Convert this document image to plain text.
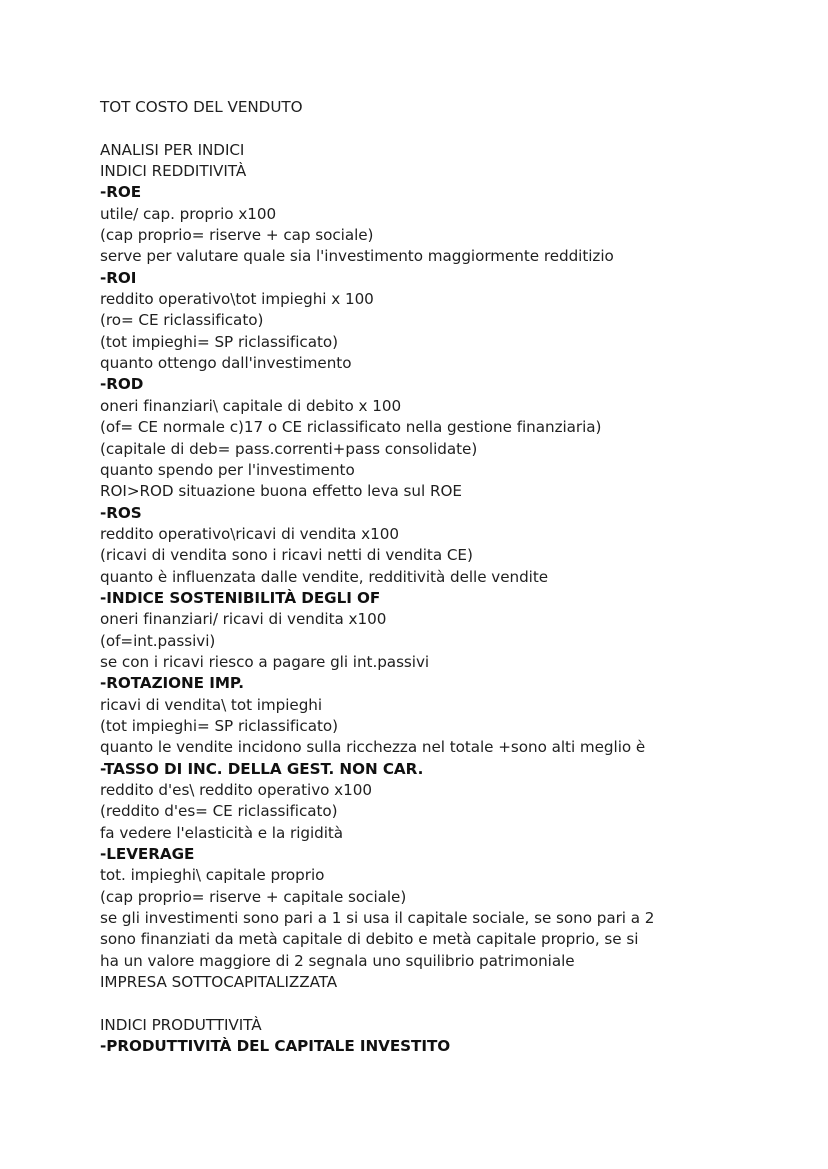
TOT COSTO DEL VENDUTO
ANALISI PER INDICI
INDICI REDDITIVITÀ
-ROE
utile/ cap. proprio x100
(cap proprio= riserve + cap sociale)
serve per valutare quale sia l'investimento maggiormente redditizio
-ROI
reddito operativo\tot impieghi x 100
(ro= CE riclassificato)
(tot impieghi= SP riclassificato)
quanto ottengo dall'investimento
-ROD
oneri finanziari\ capitale di debito x 100
(of= CE normale c)17 o CE riclassificato nella gestione finanziaria)
(capitale di deb= pass.correnti+pass consolidate)
quanto spendo per l'investimento
ROI>ROD situazione buona effetto leva sul ROE
-ROS
reddito operativo\ricavi di vendita x100
(ricavi di vendita sono i ricavi netti di vendita CE)
quanto è influenzata dalle vendite, redditività delle vendite
-INDICE SOSTENIBILITÀ DEGLI OF
oneri finanziari/ ricavi di vendita x100
(of=int.passivi)
se con i ricavi riesco a pagare gli int.passivi
-ROTAZIONE IMP.
ricavi di vendita\ tot impieghi
(tot impieghi= SP riclassificato)
quanto le vendite incidono sulla ricchezza nel totale +sono alti meglio è
-TASSO DI INC. DELLA GEST. NON CAR.
reddito d'es\ reddito operativo x100
(reddito d'es= CE riclassificato)
fa vedere l'elasticità e la rigidità
-LEVERAGE
tot. impieghi\ capitale proprio
(cap proprio= riserve + capitale sociale)
se gli investimenti sono pari a 1 si usa il capitale sociale, se sono pari a 2
sono finanziati da metà capitale di debito e metà capitale proprio, se si
ha un valore maggiore di 2 segnala uno squilibrio patrimoniale
IMPRESA SOTTOCAPITALIZZATA
INDICI PRODUTTIVITÀ
-PRODUTTIVITÀ DEL CAPITALE INVESTITO
